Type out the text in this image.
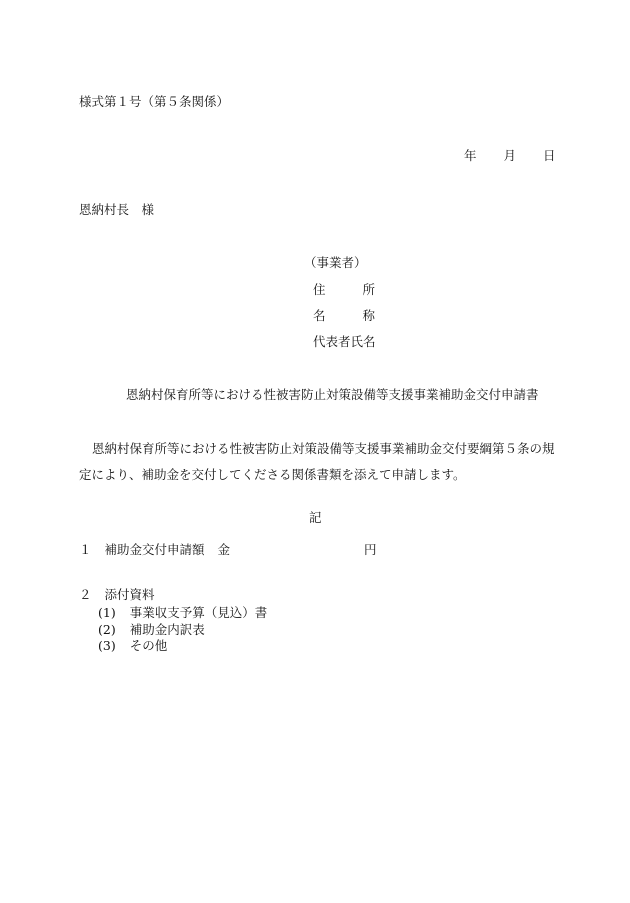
様式第１号（第５条関係）
年 月 日
恩納村長　様
（事業者）
住	所
名	称
代表者氏名
恩納村保育所等における性被害防止対策設備等支援事業補助金交付申請書
恩納村保育所等における性被害防止対策設備等支援事業補助金交付要綱第５条の規
定により、補助金を交付してくださる関係書類を添えて申請します。
記
１ 補助金交付申請額 金	円
２ 添付資料
(1) 事業収支予算（見込）書
(2) 補助金内訳表
(3) その他
